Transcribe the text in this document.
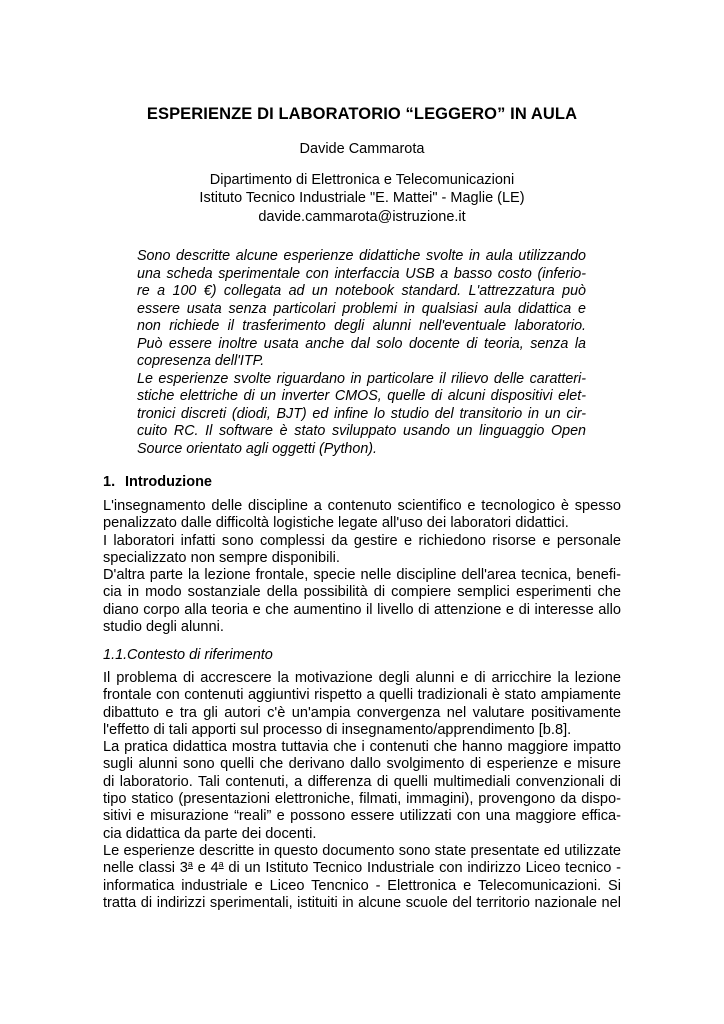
ESPERIENZE DI LABORATORIO “LEGGERO” IN AULA
Davide Cammarota
Dipartimento di Elettronica e Telecomunicazioni
Istituto Tecnico Industriale "E. Mattei" - Maglie (LE)
davide.cammarota@istruzione.it
Sono descritte alcune esperienze didattiche svolte in aula utilizzando
una scheda sperimentale con interfaccia USB a basso costo (inferio-
re a 100 €) collegata ad un notebook standard. L'attrezzatura può
essere usata senza particolari problemi in qualsiasi aula didattica e
non richiede il trasferimento degli alunni nell'eventuale laboratorio.
Può essere inoltre usata anche dal solo docente di teoria, senza la
copresenza dell'ITP.
Le esperienze svolte riguardano in particolare il rilievo delle caratteri-
stiche elettriche di un inverter CMOS, quelle di alcuni dispositivi elet-
tronici discreti (diodi, BJT) ed infine lo studio del transitorio in un cir-
cuito RC. Il software è stato sviluppato usando un linguaggio Open
Source orientato agli oggetti (Python).
1. Introduzione
L'insegnamento delle discipline a contenuto scientifico e tecnologico è spesso
penalizzato dalle difficoltà logistiche legate all'uso dei laboratori didattici.
I laboratori infatti sono complessi da gestire e richiedono risorse e personale
specializzato non sempre disponibili.
D'altra parte la lezione frontale, specie nelle discipline dell'area tecnica, benefi-
cia in modo sostanziale della possibilità di compiere semplici esperimenti che
diano corpo alla teoria e che aumentino il livello di attenzione e di interesse allo
studio degli alunni.
1.1.Contesto di riferimento
Il problema di accrescere la motivazione degli alunni e di arricchire la lezione
frontale con contenuti aggiuntivi rispetto a quelli tradizionali è stato ampiamente
dibattuto e tra gli autori c'è un'ampia convergenza nel valutare positivamente
l'effetto di tali apporti sul processo di insegnamento/apprendimento [b.8].
La pratica didattica mostra tuttavia che i contenuti che hanno maggiore impatto
sugli alunni sono quelli che derivano dallo svolgimento di esperienze e misure
di laboratorio. Tali contenuti, a differenza di quelli multimediali convenzionali di
tipo statico (presentazioni elettroniche, filmati, immagini), provengono da dispo-
sitivi e misurazione “reali” e possono essere utilizzati con una maggiore effica-
cia didattica da parte dei docenti.
Le esperienze descritte in questo documento sono state presentate ed utilizzate
nelle classi 3$^a$ e 4$^a$ di un Istituto Tecnico Industriale con indirizzo Liceo tecnico -
informatica industriale e Liceo Tencnico - Elettronica e Telecomunicazioni. Si
tratta di indirizzi sperimentali, istituiti in alcune scuole del territorio nazionale nel
